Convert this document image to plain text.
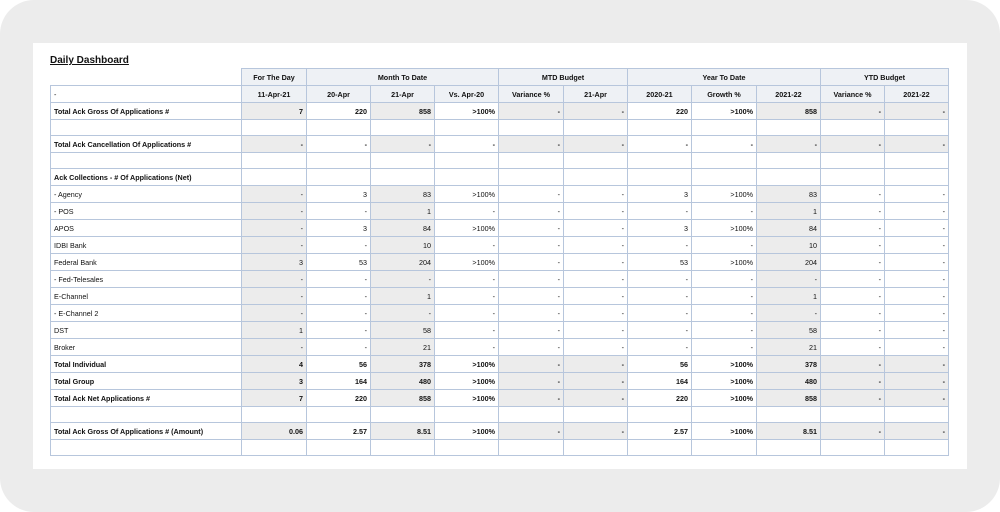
Daily Dashboard
	For The Day	Month To Date			MTD Budget		Year To Date			YTD Budget	
-	11-Apr-21	20-Apr	21-Apr	Vs. Apr-20	Variance %	21-Apr	2020-21	Growth %	2021-22	Variance %	2021-22
Total Ack Gross Of Applications #	7	220	858	>100%	-	-	220	>100%	858	-	-

Total Ack Cancellation Of Applications #	-	-	-	-	-	-	-	-	-	-	-

Ack Collections - # Of Applications (Net)											
- Agency	-	3	83	>100%	-	-	3	>100%	83	-	-
- POS	-	-	1	-	-	-	-	-	1	-	-
APOS	-	3	84	>100%	-	-	3	>100%	84	-	-
IDBI Bank	-	-	10	-	-	-	-	-	10	-	-
Federal Bank	3	53	204	>100%	-	-	53	>100%	204	-	-
- Fed-Telesales	-	-	-	-	-	-	-	-	-	-	-
E-Channel	-	-	1	-	-	-	-	-	1	-	-
- E-Channel 2	-	-	-	-	-	-	-	-	-	-	-
DST	1	-	58	-	-	-	-	-	58	-	-
Broker	-	-	21	-	-	-	-	-	21	-	-
Total Individual	4	56	378	>100%	-	-	56	>100%	378	-	-
Total Group	3	164	480	>100%	-	-	164	>100%	480	-	-
Total Ack Net Applications #	7	220	858	>100%	-	-	220	>100%	858	-	-

Total Ack Gross Of Applications # (Amount)	0.06	2.57	8.51	>100%	-	-	2.57	>100%	8.51	-	-
